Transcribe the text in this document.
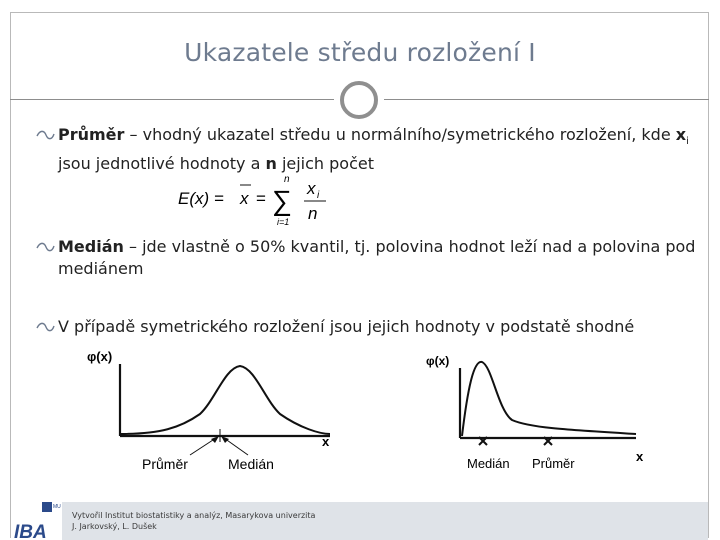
Ukazatele středu rozložení I
Průměr – vhodný ukazatel středu u normálního/symetrického rozložení, kde $x_i$ jsou jednotlivé hodnoty a n jejich počet
E(x) = x =
n
∑
i=1
x i
n
Medián – jde vlastně o 50% kvantil, tj. polovina hodnot leží nad a polovina pod mediánem
V případě symetrického rozložení jsou jejich hodnoty v podstatě shodné
φ(x)
x
Průměr	Medián
φ(x)
x
Medián Průměr
MU
IBA
Vytvořil Institut biostatistiky a analýz, Masarykova univerzita
J. Jarkovský, L. Dušek
